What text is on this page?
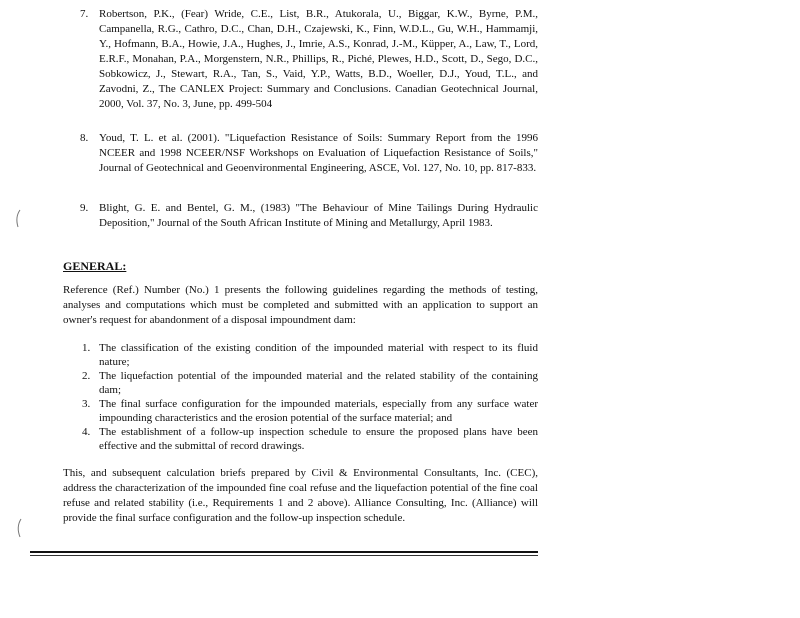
7. Robertson, P.K., (Fear) Wride, C.E., List, B.R., Atukorala, U., Biggar, K.W., Byrne, P.M., Campanella, R.G., Cathro, D.C., Chan, D.H., Czajewski, K., Finn, W.D.L., Gu, W.H., Hammamji, Y., Hofmann, B.A., Howie, J.A., Hughes, J., Imrie, A.S., Konrad, J.-M., Küpper, A., Law, T., Lord, E.R.F., Monahan, P.A., Morgenstern, N.R., Phillips, R., Piché, Plewes, H.D., Scott, D., Sego, D.C., Sobkowicz, J., Stewart, R.A., Tan, S., Vaid, Y.P., Watts, B.D., Woeller, D.J., Youd, T.L., and Zavodni, Z., The CANLEX Project: Summary and Conclusions. Canadian Geotechnical Journal, 2000, Vol. 37, No. 3, June, pp. 499-504
8. Youd, T. L. et al. (2001). "Liquefaction Resistance of Soils: Summary Report from the 1996 NCEER and 1998 NCEER/NSF Workshops on Evaluation of Liquefaction Resistance of Soils," Journal of Geotechnical and Geoenvironmental Engineering, ASCE, Vol. 127, No. 10, pp. 817-833.
9. Blight, G. E. and Bentel, G. M., (1983) "The Behaviour of Mine Tailings During Hydraulic Deposition," Journal of the South African Institute of Mining and Metallurgy, April 1983.
GENERAL:
Reference (Ref.) Number (No.) 1 presents the following guidelines regarding the methods of testing, analyses and computations which must be completed and submitted with an application to support an owner's request for abandonment of a disposal impoundment dam:
1. The classification of the existing condition of the impounded material with respect to its fluid nature;
2. The liquefaction potential of the impounded material and the related stability of the containing dam;
3. The final surface configuration for the impounded materials, especially from any surface water impounding characteristics and the erosion potential of the surface material; and
4. The establishment of a follow-up inspection schedule to ensure the proposed plans have been effective and the submittal of record drawings.
This, and subsequent calculation briefs prepared by Civil & Environmental Consultants, Inc. (CEC), address the characterization of the impounded fine coal refuse and the liquefaction potential of the fine coal refuse and related stability (i.e., Requirements 1 and 2 above). Alliance Consulting, Inc. (Alliance) will provide the final surface configuration and the follow-up inspection schedule.
